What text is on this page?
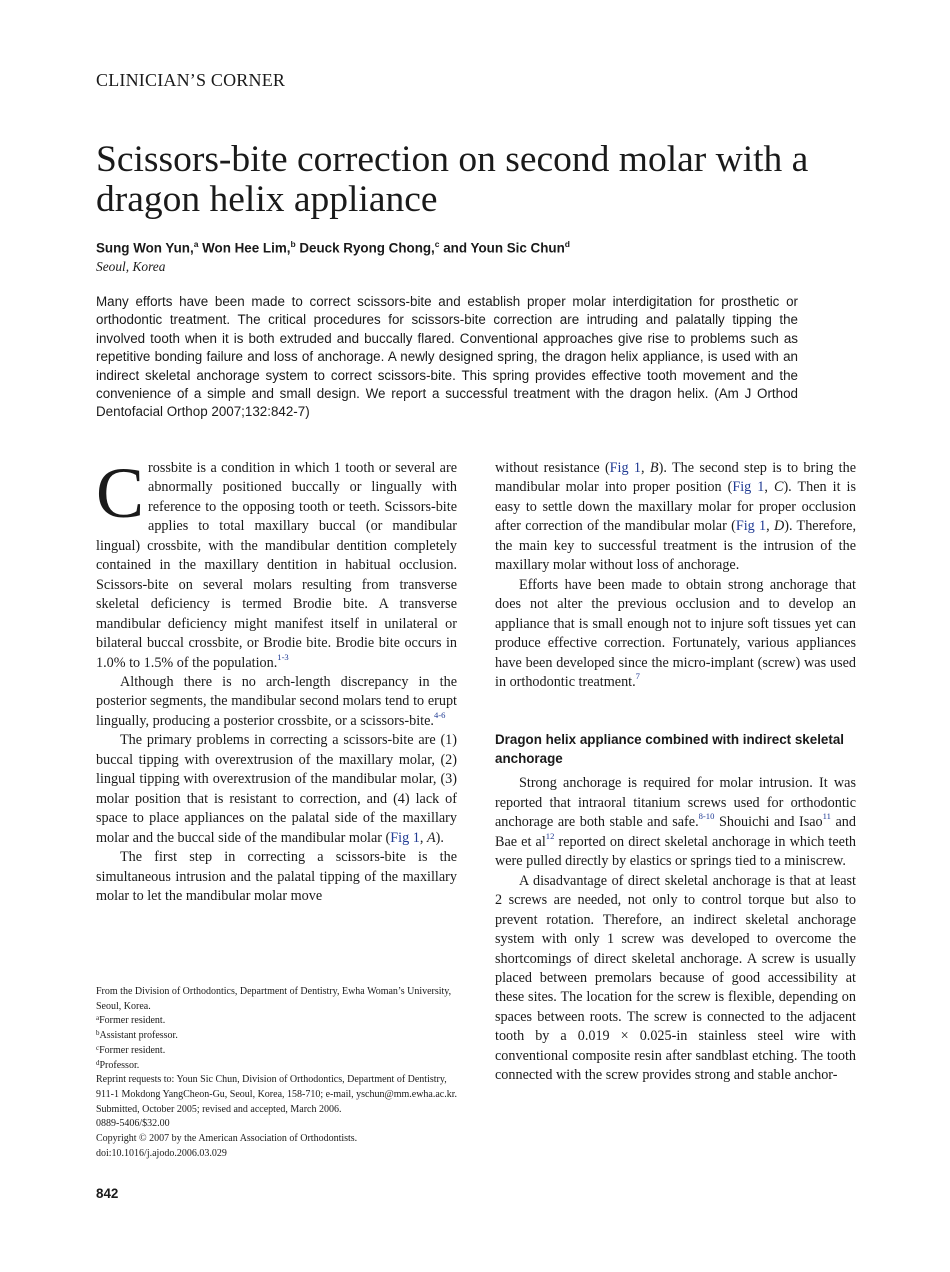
CLINICIAN’S CORNER
Scissors-bite correction on second molar with a dragon helix appliance
Sung Won Yun,$^a$ Won Hee Lim,$^b$ Deuck Ryong Chong,$^c$ and Youn Sic Chun$^d$
Seoul, Korea

Many efforts have been made to correct scissors-bite and establish proper molar interdigitation for prosthetic or orthodontic treatment. The critical procedures for scissors-bite correction are intruding and palatally tipping the involved tooth when it is both extruded and buccally flared. Conventional approaches give rise to problems such as repetitive bonding failure and loss of anchorage. A newly designed spring, the dragon helix appliance, is used with an indirect skeletal anchorage system to correct scissors-bite. This spring provides effective tooth movement and the convenience of a simple and small design. We report a successful treatment with the dragon helix. (Am J Orthod Dentofacial Orthop 2007;132:842-7)

Crossbite is a condition in which 1 tooth or several are abnormally positioned buccally or lingually with reference to the opposing tooth or teeth. Scissors-bite applies to total maxillary buccal (or mandibular lingual) crossbite, with the mandibular dentition completely contained in the maxillary dentition in habitual occlusion. Scissors-bite on several molars resulting from transverse skeletal deficiency is termed Brodie bite. A transverse mandibular deficiency might manifest itself in unilateral or bilateral buccal crossbite, or Brodie bite. Brodie bite occurs in 1.0% to 1.5% of the population.$^{1-3}$

Although there is no arch-length discrepancy in the posterior segments, the mandibular second molars tend to erupt lingually, producing a posterior crossbite, or a scissors-bite.$^{4-6}$

The primary problems in correcting a scissors-bite are (1) buccal tipping with overextrusion of the maxillary molar, (2) lingual tipping with overextrusion of the mandibular molar, (3) molar position that is resistant to correction, and (4) lack of space to place appliances on the palatal side of the maxillary molar and the buccal side of the mandibular molar (Fig 1, A).

The first step in correcting a scissors-bite is the simultaneous intrusion and the palatal tipping of the maxillary molar to let the mandibular molar move

without resistance (Fig 1, B). The second step is to bring the mandibular molar into proper position (Fig 1, C). Then it is easy to settle down the maxillary molar for proper occlusion after correction of the mandibular molar (Fig 1, D). Therefore, the main key to successful treatment is the intrusion of the maxillary molar without loss of anchorage.

Efforts have been made to obtain strong anchorage that does not alter the previous occlusion and to develop an appliance that is small enough not to injure soft tissues yet can produce effective correction. Fortunately, various appliances have been developed since the micro-implant (screw) was used in orthodontic treatment.$^7$

Dragon helix appliance combined with indirect skeletal anchorage

Strong anchorage is required for molar intrusion. It was reported that intraoral titanium screws used for orthodontic anchorage are both stable and safe.$^{8-10}$ Shouichi and Isao$^{11}$ and Bae et al$^{12}$ reported on direct skeletal anchorage in which teeth were pulled directly by elastics or springs tied to a miniscrew.

A disadvantage of direct skeletal anchorage is that at least 2 screws are needed, not only to control torque but also to prevent rotation. Therefore, an indirect skeletal anchorage system with only 1 screw was developed to overcome the shortcomings of direct skeletal anchorage. A screw is usually placed between premolars because of good accessibility at these sites. The location for the screw is flexible, depending on spaces between roots. The screw is connected to the adjacent tooth by a 0.019 × 0.025-in stainless steel wire with conventional composite resin after sandblast etching. The tooth connected with the screw provides strong and stable anchor-

From the Division of Orthodontics, Department of Dentistry, Ewha Woman’s University, Seoul, Korea.
$^a$Former resident.
$^b$Assistant professor.
$^c$Former resident.
$^d$Professor.
Reprint requests to: Youn Sic Chun, Division of Orthodontics, Department of Dentistry, 911-1 Mokdong YangCheon-Gu, Seoul, Korea, 158-710; e-mail, yschun@mm.ewha.ac.kr.
Submitted, October 2005; revised and accepted, March 2006.
0889-5406/$32.00
Copyright © 2007 by the American Association of Orthodontists.
doi:10.1016/j.ajodo.2006.03.029
842
